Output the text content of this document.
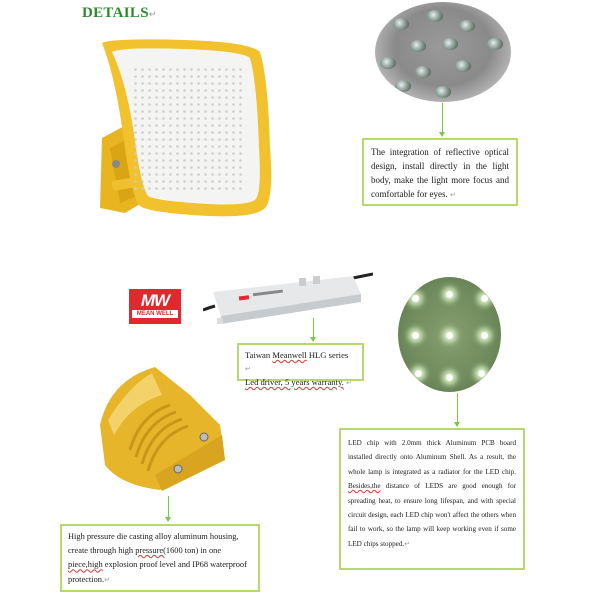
DETAILS↵
The integration of reflective optical design, install directly in the light body, make the light more focus and comfortable for eyes. ↵
MW
MEAN WELL
Taiwan Meanwell HLG series ↵
Led driver, 5 years warranty. ↵
LED chip with 2.0mm thick Aluminum PCB board installed directly onto Aluminum Shell. As a result, the whole lamp is integrated as a radiator for the LED chip. Besides,the distance of LEDS are good enough for spreading heat, to ensure long lifespan, and with special circuit design, each LED chip won't affect the others when fail to work, so the lamp will keep working even if some LED chips stopped.↵
High pressure die casting alloy aluminum housing, create through high pressure(1600 ton) in one piece,high explosion proof level and IP68 waterproof protection.↵
